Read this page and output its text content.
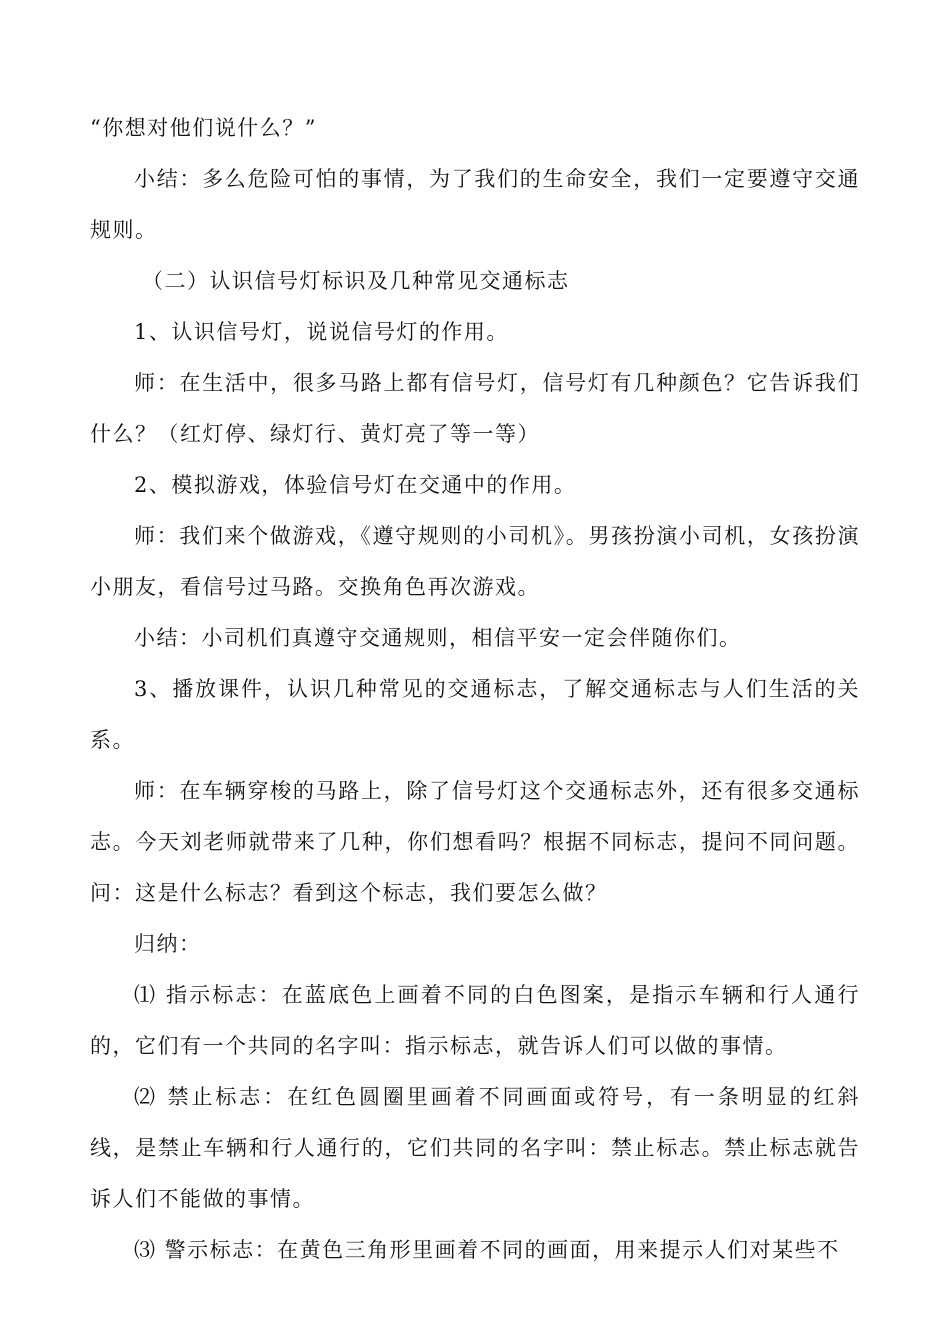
“你想对他们说什么？”

小结：多么危险可怕的事情，为了我们的生命安全，我们一定要遵守交通规则。

（二）认识信号灯标识及几种常见交通标志

1、认识信号灯，说说信号灯的作用。

师：在生活中，很多马路上都有信号灯，信号灯有几种颜色？它告诉我们什么？（红灯停、绿灯行、黄灯亮了等一等）

2、模拟游戏，体验信号灯在交通中的作用。

师：我们来个做游戏，《遵守规则的小司机》。男孩扮演小司机，女孩扮演小朋友，看信号过马路。交换角色再次游戏。

小结：小司机们真遵守交通规则，相信平安一定会伴随你们。

3、播放课件，认识几种常见的交通标志，了解交通标志与人们生活的关系。

师：在车辆穿梭的马路上，除了信号灯这个交通标志外，还有很多交通标志。今天刘老师就带来了几种，你们想看吗？根据不同标志，提问不同问题。问：这是什么标志？看到这个标志，我们要怎么做？

归纳：

⑴ 指示标志：在蓝底色上画着不同的白色图案，是指示车辆和行人通行的，它们有一个共同的名字叫：指示标志，就告诉人们可以做的事情。

⑵ 禁止标志：在红色圆圈里画着不同画面或符号，有一条明显的红斜线，是禁止车辆和行人通行的，它们共同的名字叫：禁止标志。禁止标志就告诉人们不能做的事情。

⑶ 警示标志：在黄色三角形里画着不同的画面，用来提示人们对某些不
